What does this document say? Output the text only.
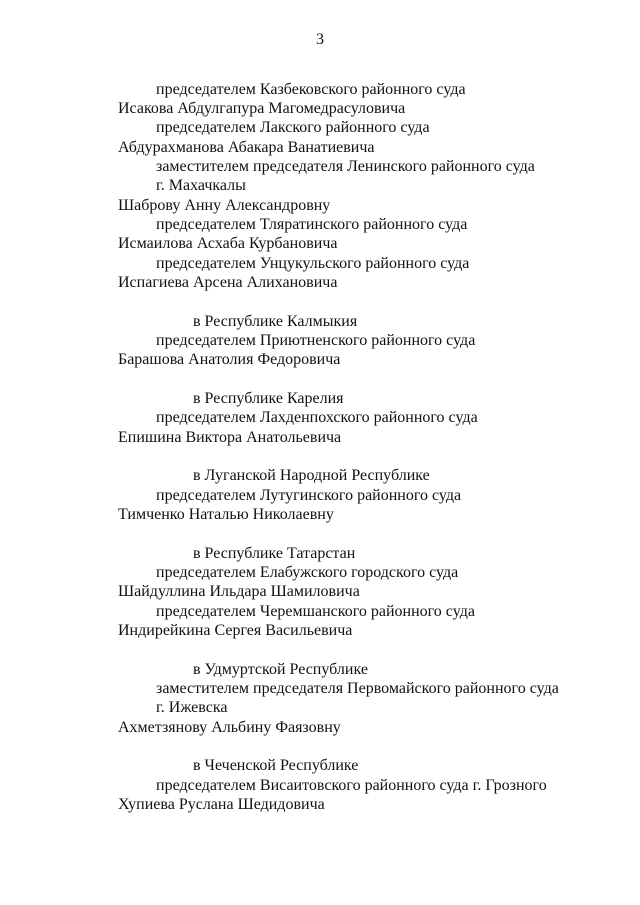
3
председателем Казбековского районного суда
Исакова Абдулгапура Магомедрасуловича
председателем Лакского районного суда
Абдурахманова Абакара Ванатиевича
заместителем председателя Ленинского районного суда
г. Махачкалы
Шаброву Анну Александровну
председателем Тляратинского районного суда
Исмаилова Асхаба Курбановича
председателем Унцукульского районного суда
Испагиева Арсена Алихановича
в Республике Калмыкия
председателем Приютненского районного суда
Барашова Анатолия Федоровича
в Республике Карелия
председателем Лахденпохского районного суда
Епишина Виктора Анатольевича
в Луганской Народной Республике
председателем Лутугинского районного суда
Тимченко Наталью Николаевну
в Республике Татарстан
председателем Елабужского городского суда
Шайдуллина Ильдара Шамиловича
председателем Черемшанского районного суда
Индирейкина Сергея Васильевича
в Удмуртской Республике
заместителем председателя Первомайского районного суда
г. Ижевска
Ахметзянову Альбину Фаязовну
в Чеченской Республике
председателем Висаитовского районного суда г. Грозного
Хупиева Руслана Шедидовича
